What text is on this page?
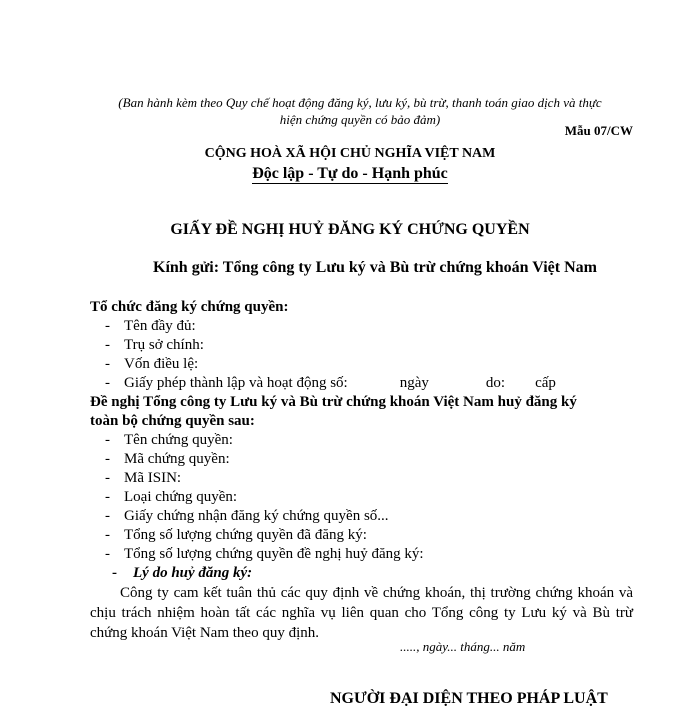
(Ban hành kèm theo Quy chế hoạt động đăng ký, lưu ký, bù trừ, thanh toán giao dịch và thực
hiện chứng quyền có bảo đảm)
Mẫu 07/CW
CỘNG HOÀ XÃ HỘI CHỦ NGHĨA VIỆT NAM
Độc lập - Tự do - Hạnh phúc
GIẤY ĐỀ NGHỊ HUỶ ĐĂNG KÝ CHỨNG QUYỀN
Kính gửi: Tổng công ty Lưu ký và Bù trừ chứng khoán Việt Nam
Tổ chức đăng ký chứng quyền:
- Tên đầy đủ:
- Trụ sở chính:
- Vốn điều lệ:
- Giấy phép thành lập và hoạt động số:	ngày	do: cấp
Đề nghị Tổng công ty Lưu ký và Bù trừ chứng khoán Việt Nam huỷ đăng ký
toàn bộ chứng quyền sau:
- Tên chứng quyền:
- Mã chứng quyền:
- Mã ISIN:
- Loại chứng quyền:
- Giấy chứng nhận đăng ký chứng quyền số...
- Tổng số lượng chứng quyền đã đăng ký:
- Tổng số lượng chứng quyền đề nghị huỷ đăng ký:
- Lý do huỷ đăng ký:
Công ty cam kết tuân thủ các quy định về chứng khoán, thị trường chứng khoán và chịu trách nhiệm hoàn tất các nghĩa vụ liên quan cho Tổng công ty Lưu ký và Bù trừ chứng khoán Việt Nam theo quy định.
....., ngày... tháng... năm
NGƯỜI ĐẠI DIỆN THEO PHÁP LUẬT
